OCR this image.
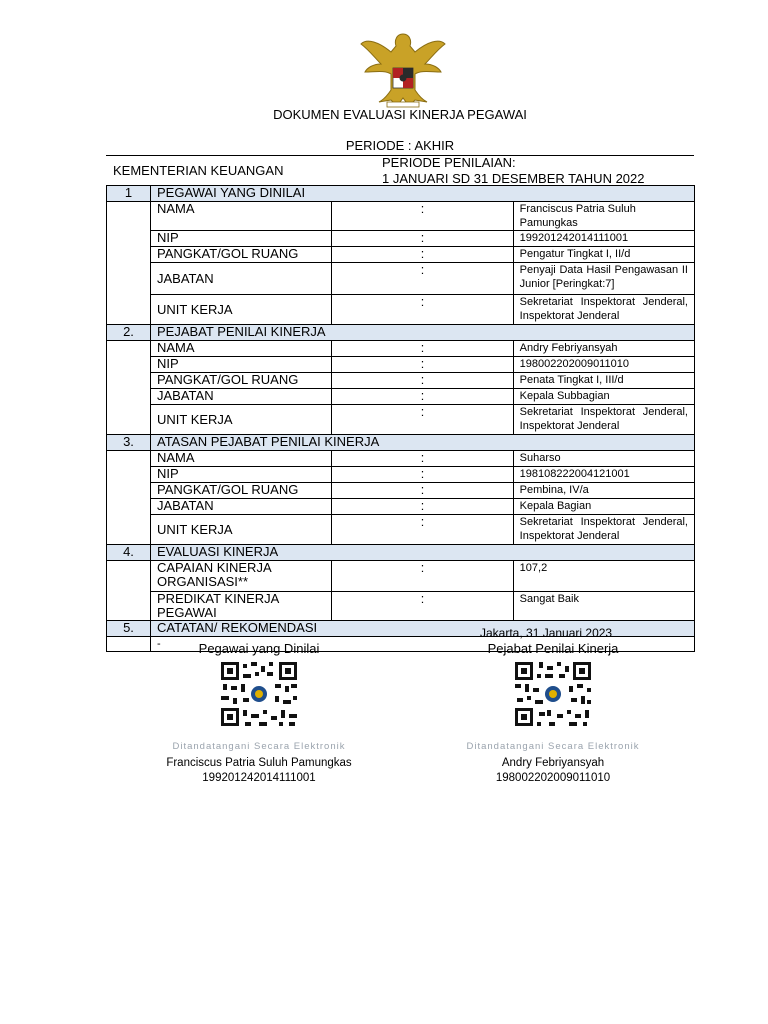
DOKUMEN EVALUASI KINERJA PEGAWAI
PERIODE : AKHIR
KEMENTERIAN KEUANGAN
PERIODE PENILAIAN:
1 JANUARI SD 31 DESEMBER TAHUN 2022
1	PEGAWAI YANG DINILAI		
	NAMA	:	Franciscus Patria Suluh Pamungkas
	NIP	:	199201242014111001
	PANGKAT/GOL RUANG	:	Pengatur Tingkat I, II/d
	JABATAN	:	Penyaji Data Hasil Pengawasan II Junior [Peringkat:7]
	UNIT KERJA	:	Sekretariat Inspektorat Jenderal, Inspektorat Jenderal
2.	PEJABAT PENILAI KINERJA		
	NAMA	:	Andry Febriyansyah
	NIP	:	198002202009011010
	PANGKAT/GOL RUANG	:	Penata Tingkat I, III/d
	JABATAN	:	Kepala Subbagian
	UNIT KERJA	:	Sekretariat Inspektorat Jenderal, Inspektorat Jenderal
3.	ATASAN PEJABAT PENILAI KINERJA		
	NAMA	:	Suharso
	NIP	:	198108222004121001
	PANGKAT/GOL RUANG	:	Pembina, IV/a
	JABATAN	:	Kepala Bagian
	UNIT KERJA	:	Sekretariat Inspektorat Jenderal, Inspektorat Jenderal
4.	EVALUASI KINERJA		
	CAPAIAN KINERJA ORGANISASI**	:	107,2
	PREDIKAT KINERJA PEGAWAI	:	Sangat Baik
5.	CATATAN/ REKOMENDASI		
	-		
Jakarta, 31 Januari 2023
Pegawai yang Dinilai
Ditandatangani Secara Elektronik
Franciscus Patria Suluh Pamungkas
199201242014111001
Pejabat Penilai Kinerja
Ditandatangani Secara Elektronik
Andry Febriyansyah
198002202009011010
